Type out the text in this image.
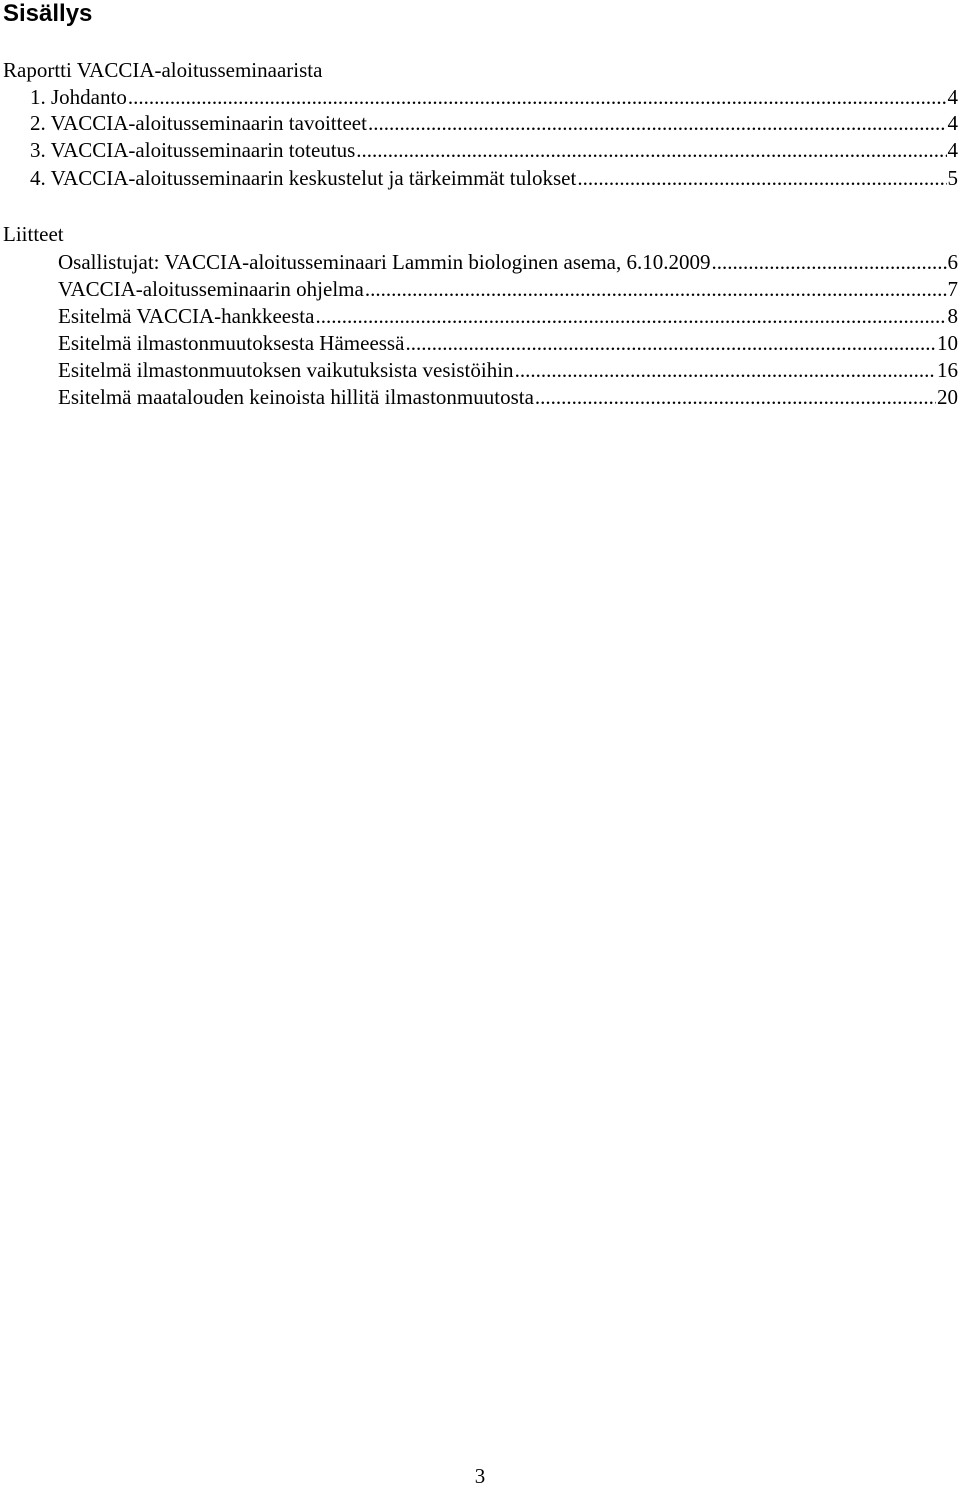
Sisällys
Raportti VACCIA-aloitusseminaarista
1. Johdanto .....	4
2. VACCIA-aloitusseminaarin tavoitteet .....	4
3. VACCIA-aloitusseminaarin toteutus .....	4
4. VACCIA-aloitusseminaarin keskustelut ja tärkeimmät tulokset .....	5
Liitteet
Osallistujat: VACCIA-aloitusseminaari Lammin biologinen asema, 6.10.2009 .....	6
VACCIA-aloitusseminaarin ohjelma .....	7
Esitelmä VACCIA-hankkeesta .....	8
Esitelmä ilmastonmuutoksesta Hämeessä .....	10
Esitelmä ilmastonmuutoksen vaikutuksista vesistöihin .....	16
Esitelmä maatalouden keinoista hillitä ilmastonmuutosta .....	20
3
